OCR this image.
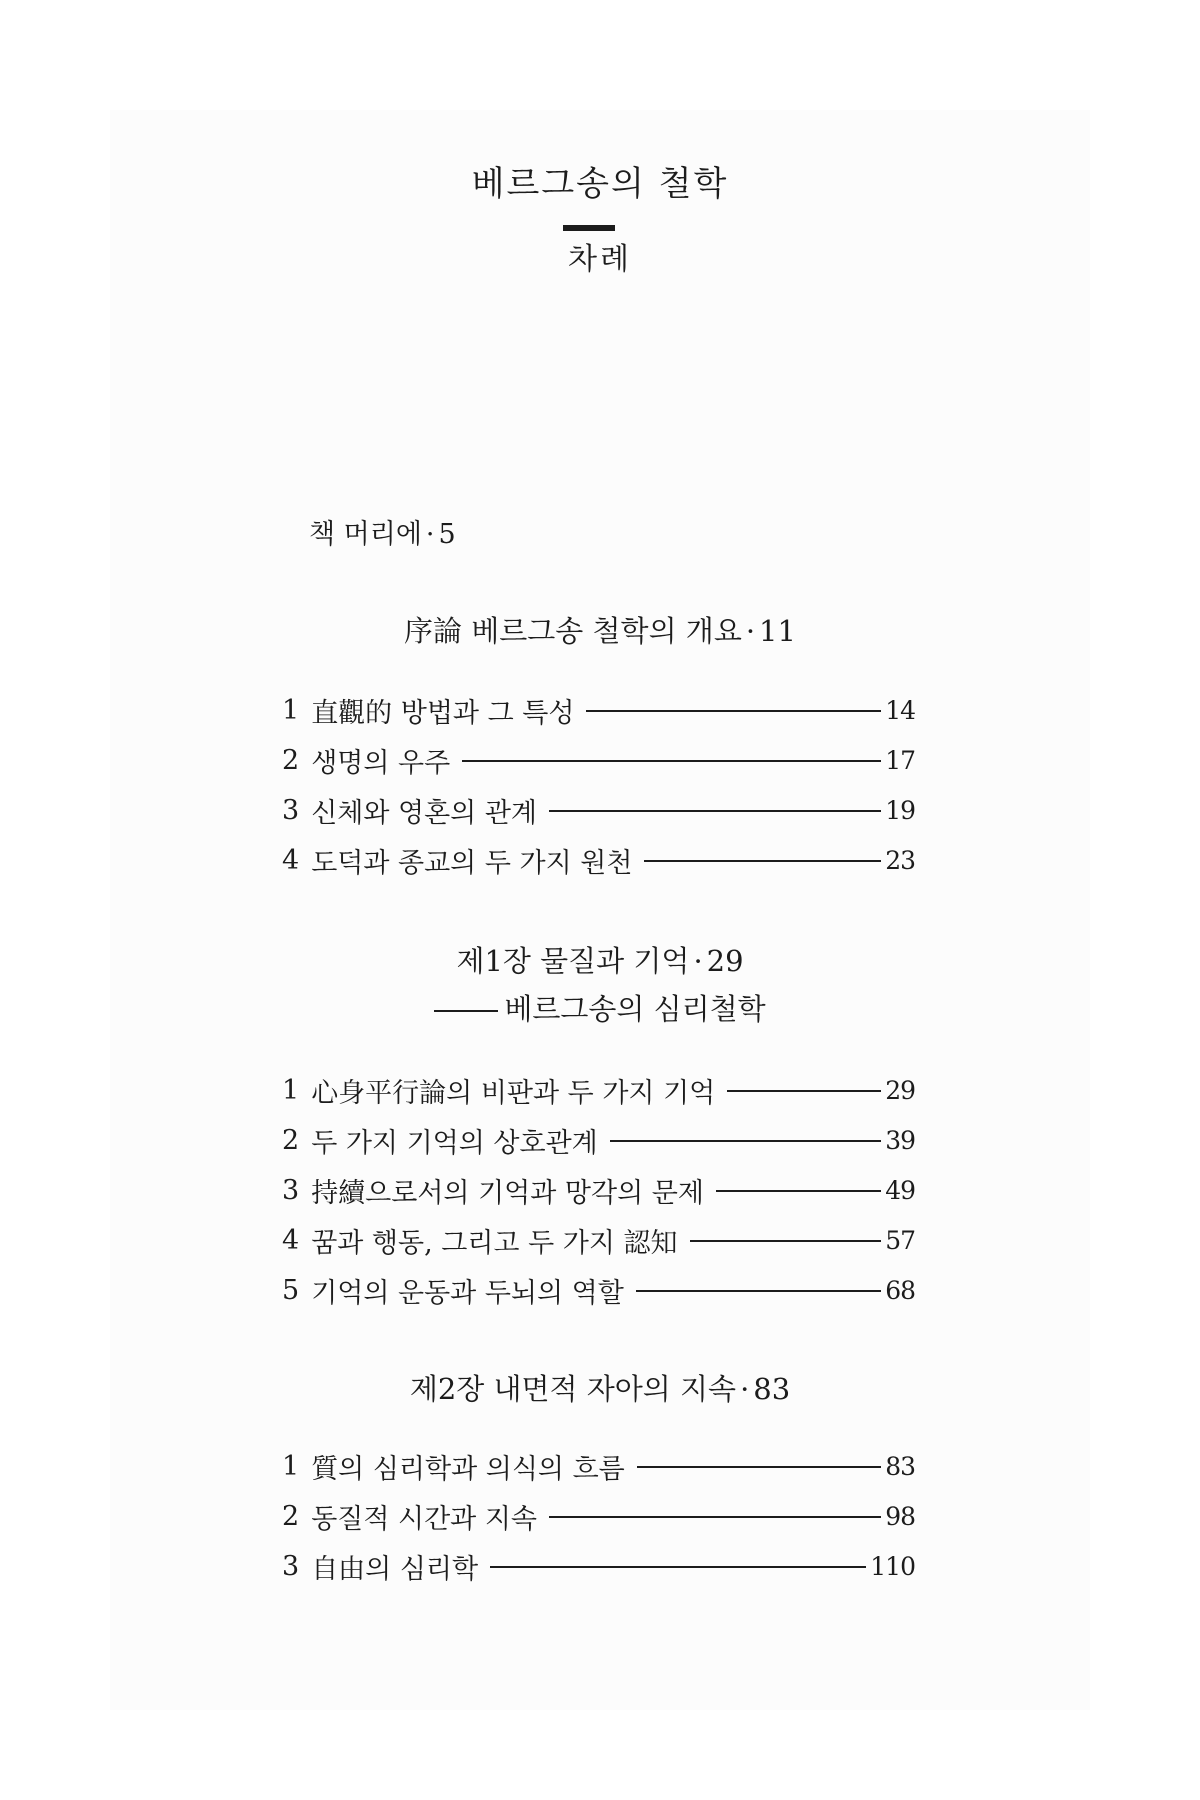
베르그송의 철학
차례
책 머리에 · 5
序論 베르그송 철학의 개요 · 11
1 直觀的 방법과 그 특성	14
2 생명의 우주	17
3 신체와 영혼의 관계	19
4 도덕과 종교의 두 가지 원천	23
제1장 물질과 기억 · 29
베르그송의 심리철학
1 心身平行論의 비판과 두 가지 기억	29
2 두 가지 기억의 상호관계	39
3 持續으로서의 기억과 망각의 문제	49
4 꿈과 행동, 그리고 두 가지 認知	57
5 기억의 운동과 두뇌의 역할	68
제2장 내면적 자아의 지속 · 83
1 質의 심리학과 의식의 흐름	83
2 동질적 시간과 지속	98
3 自由의 심리학	110
